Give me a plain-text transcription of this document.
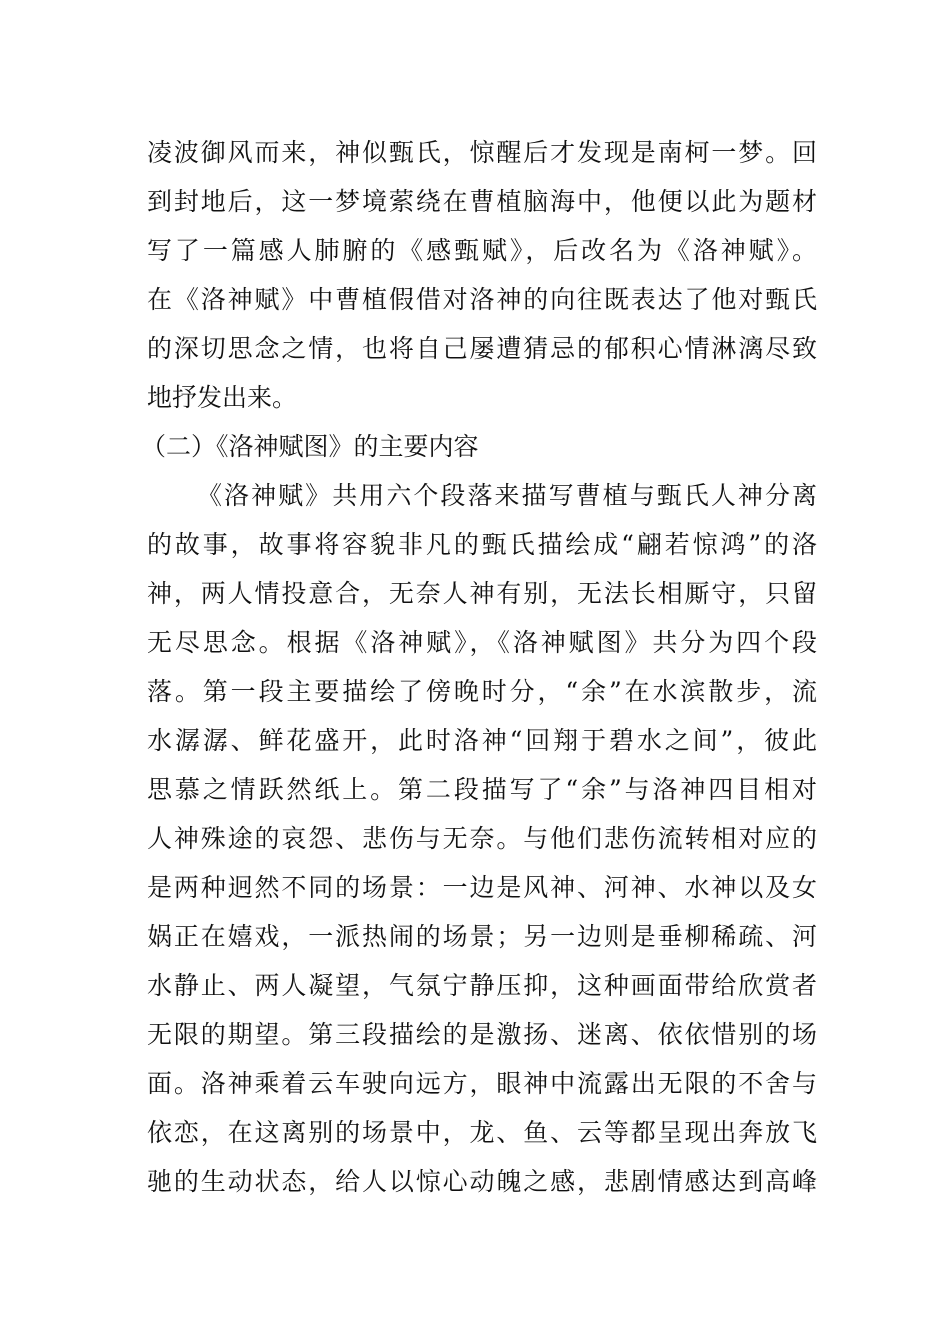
凌波御风而来，神似甄氏，惊醒后才发现是南柯一梦。回
到封地后，这一梦境萦绕在曹植脑海中，他便以此为题材
写了一篇感人肺腑的《感甄赋》，后改名为《洛神赋》。
在《洛神赋》中曹植假借对洛神的向往既表达了他对甄氏
的深切思念之情，也将自己屡遭猜忌的郁积心情淋漓尽致
地抒发出来。
（二）《洛神赋图》的主要内容
《洛神赋》共用六个段落来描写曹植与甄氏人神分离
的故事，故事将容貌非凡的甄氏描绘成“翩若惊鸿”的洛
神，两人情投意合，无奈人神有别，无法长相厮守，只留
无尽思念。根据《洛神赋》，《洛神赋图》共分为四个段
落。第一段主要描绘了傍晚时分，“余”在水滨散步，流
水潺潺、鲜花盛开，此时洛神“回翔于碧水之间”，彼此
思慕之情跃然纸上。第二段描写了“余”与洛神四目相对
人神殊途的哀怨、悲伤与无奈。与他们悲伤流转相对应的
是两种迥然不同的场景：一边是风神、河神、水神以及女
娲正在嬉戏，一派热闹的场景；另一边则是垂柳稀疏、河
水静止、两人凝望，气氛宁静压抑，这种画面带给欣赏者
无限的期望。第三段描绘的是激扬、迷离、依依惜别的场
面。洛神乘着云车驶向远方，眼神中流露出无限的不舍与
依恋，在这离别的场景中，龙、鱼、云等都呈现出奔放飞
驰的生动状态，给人以惊心动魄之感，悲剧情感达到高峰
